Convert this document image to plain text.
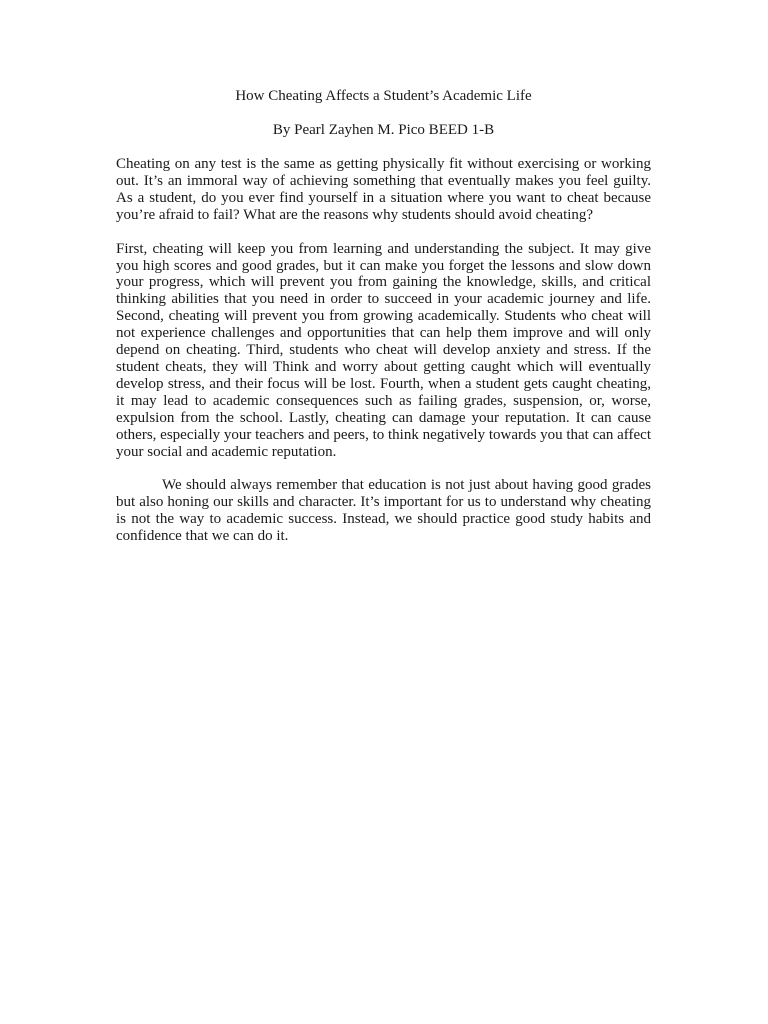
How Cheating Affects a Student’s Academic Life

By Pearl Zayhen M. Pico BEED 1-B

Cheating on any test is the same as getting physically fit without exercising or working out. It’s an immoral way of achieving something that eventually makes you feel guilty. As a student, do you ever find yourself in a situation where you want to cheat because you’re afraid to fail? What are the reasons why students should avoid cheating?

First, cheating will keep you from learning and understanding the subject. It may give you high scores and good grades, but it can make you forget the lessons and slow down your progress, which will prevent you from gaining the knowledge, skills, and critical thinking abilities that you need in order to succeed in your academic journey and life. Second, cheating will prevent you from growing academically. Students who cheat will not experience challenges and opportunities that can help them improve and will only depend on cheating. Third, students who cheat will develop anxiety and stress. If the student cheats, they will Think and worry about getting caught which will eventually develop stress, and their focus will be lost. Fourth, when a student gets caught cheating, it may lead to academic consequences such as failing grades, suspension, or, worse, expulsion from the school. Lastly, cheating can damage your reputation. It can cause others, especially your teachers and peers, to think negatively towards you that can affect your social and academic reputation.

We should always remember that education is not just about having good grades but also honing our skills and character. It’s important for us to understand why cheating is not the way to academic success. Instead, we should practice good study habits and confidence that we can do it.
